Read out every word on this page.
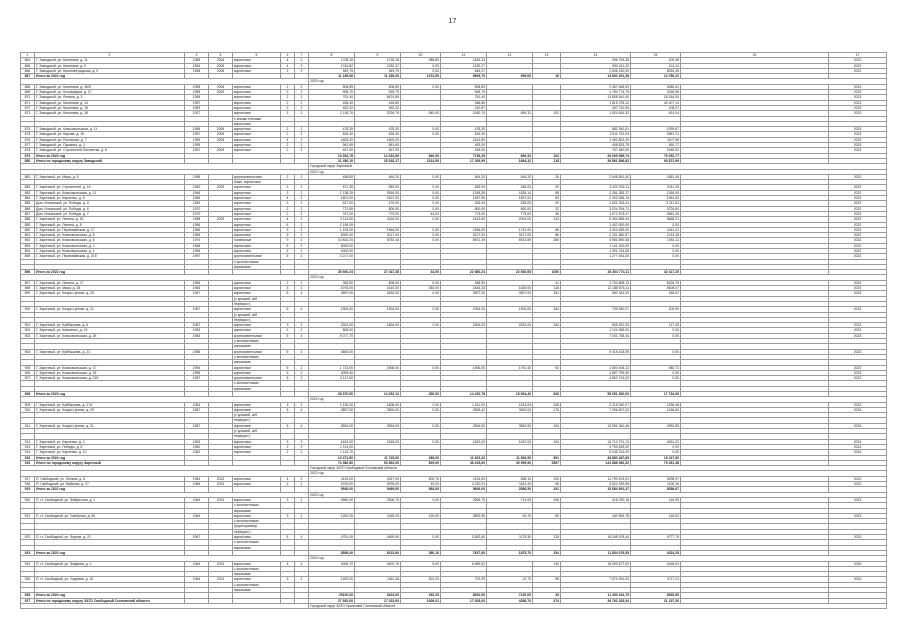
17
1	2	3	4	5	6	7	8	9	10	11	12	13	14	15	16	17
864	Г. Заводской, ул. Калинина, д. 11	1955	2006	кирпичные	4	2	1708,18	1728,18	988,80	1816,33			396 794,38	109,38		2022
865	Г. Заводской, ул. Калинина, д. 9	1954	2005	кирпичные	4	2	1744,82	1532,47	0,00	1532,27			550 411,22	122,24		2022
866	Г. Заводской, ул. Калининградская, д. 9	1958	2008	кирпичные	2	2	549,79	549,79	0,00	645,27			2 836 150,00	8254,35		2022
867	Итого за 2022 год						11 185,98	11 185,29	1374,50	9693,70	995,00	16	13 852 291,36	14 780,22		
							2023 год									
868	Г. Заводской, ул. Калинина, д. 46/5	1955	2006	кирпичные	2	2	508,89	508,89	0,00	508,89			2 467 648,92	4080,61		2023
869	Г. Заводской, ул. Кооперации, д. 17	1955	2009	кирпичные	2	2	508,70	518,79		508,70			1 784 774,76	4318,96		2023
870	Г. Заводской, ул. Ленина, д. 3	1956		кирпичные	2	2	751,40	6674,80		751,40			13 808 941,00	18 184,00		2023
871	Г. Заводской, ул. Калинина, д. 14	1957		кирпичные	2	2	408,40	418,80		348,80			1 815 378,12	40 407,14		2023
872	Г. Заводской, ул. Калинина, д. 18	1953		кирпичные	2	2	452,42	452,42		242,87			407 742,50	108,27		2023
873	Г. Заводской, ул. Калинина, д. 38	1927		кирпичные	3	2	2 118,70	3226,79	840,00	1630,70	699,32	102	1 524 816,32	491,04		2023
				с иными стенами												
				кирпичные												
874	Г. Заводской, ул. Комсомольская, д. 11	1956	2006	кирпичные	2	2	478,30	478,30	0,00	478,30			882 342,81	1099,87		2023
875	Г. Заводской, ул. Кирова, д. 15	1957	2009	кирпичные	2	2	626,40	626,40	0,00	626,40			2 511 722,03	4987,21		2023
876	Г. Заводской, ул. Рыночная, д. 7	1959	2005	кирпичные	4	2	1603,20	1603,20		1612,80			1 490 802,20	1107,96		2023
877	Г. Заводской, ул. Пушкина, д. 2	1955		кирпичные	2	2	961,90	961,90		453,00			408 833,75	450,77		2023
878	Г. Заводской, ул. Строителей Пятилетки, д. 8	1957	2009	кирпичные	2	2	457,90	457,90		439,00			767 840,00	1069,52		2023
879	Итого за 2023 год						10 264,78	14 332,89	840,00	7746,29	669,32	102	26 009 565,74	76 092,77		
880	Итого по городскому округу Заводской						21 450,10	25 518,17	2214,50	17 439,99	1664,32	118	39 861 856,82	90 872,99		
							Городской округ Заречный									
							2022 год									
881	Г. Заречный, ул. Мира, д. 8	1958		крупнопанельные	2	2	458,80	464,20	0,00	464,20	464,20	26	2 646 551,40	4361,40		2022
				иные, кирпичные												
882	Г. Заречный, ул. Строителей, д. 18	1960	2009	кирпичные	2	2	671,35	653,00	0,00	653,00	348,00	20	3 420 932,11	9111,28		2022
883	Г. Заречный, ул. Комсомольская, д. 11	1964		кирпичные	3	2	2 138,20	3916,00	0,00	1918,35	1828,14	98	2 281 353,37	1265,00		2022
884	Г. Заречный, ул. Карпенко, д. 9	1965		кирпичные	4	2	1607,00	1607,00	0,00	1597,90	1597,00	83	2 302 536,13	1051,62		2022
885	Дом. Ильинский, ул. Победы, д. 8	1963		кирпичные	2	2	527,00	476,00	0,00	526,00	526,00	29	1 601 333,24	3 211,54		2022
886	Дом. Ильинский, ул. Победы, д. 6	1970		кирпичные	2	2	770,80	800,00	0,00	800,00	800,00	32	3 024 294,71	3726,84		2022
887	Дом. Ильинский, ул. Победы, д. 7	1970		кирпичные	2	2	767,00	779,00	44,00	773,00	773,00	36	1 972 573,07	4561,26		2022
888	Г. Заречный, ул. Ленина, д. 18	1958	2009	кирпичные	4	2	2 114,60	4116,00	0,00	1613,60	2004,00	123	5 404 885,00	5668,21		2022
889	Г. Заречный, ул. Ленина, д. 8	1986		кирпичные	5	2	2 196,00						1 402 900,00	0,00		2022
890	Г. Заречный, ул. Первомайская, д. 17	1966		кирпичные	3	2	1 193,00	1964,00	0,00	1836,00	1742,00	86	4 324 635,00	4411,41		2022
891	Г. Заречный, ул. Комсомольская, д. 8	1965		кирпичные	5	2	5000,00	3117,00	0,00	3127,00	3127,00	86	2 201 860,57	1014,26		2022
892	Г. Заречный, ул. Комсомольская, д. 6	1974		панельные	9	2	10 810,20	8753,18	0,00	8921,19	8921,89	266	4 983 890,36	1051,11		2022
893	Г. Заречный, ул. Комсомольская, д. 2	1968		кирпичные	5	2	5000,00						1 141 200,00	0,00		2022
894	Г. Заречный, ул. Комсомольская, д. 4	1996		кирпичные	5	2	4000,00						1 301 234,06	0,00		2022
895	Г. Заречный, ул. Первомайская, д. 21б	1997		крупнопанельные	5	2	3 217,00						1 277 444,00	0,00		2022
				с монолитными												
				каркасами												
896	Итого за 2022 год						35 940,24	27 447,38	44,00	22 660,24	22 530,65	1050	45 304 774,11	42 417,20		
							2023 год									
897	Г. Заречный, ул. Ленина, д. 27	1965		кирпичные	2	2	353,90	508,00	0,00	358,90		41	2 704 808,13	8226,79		2023
898	Г. Заречный, ул. Мира, д. 28	1965		кирпичные	3	2	1976,00	1610,00	350,00	1816,33	1630,00	118	12 188 576,11	5608,07		2023
899	Г. Заречный, ул. Клары Цеткин, д. 25	1967		кирпичные	5	4	3597,00	3633,00	0,00	3597,00	3597,00	181	580 344,00	185,67		2023
				(с крышей, ж/б												
				перекрыт.)												
900	Г. Заречный, ул. Клары Цеткин, д. 21	1967		кирпичные	5	4	1904,00	1904,00	0,00	1904,00	1904,00	154	709 540,07	109,50		2023
				(с крышей, ж/б												
				перекрыт.)												
901	Г. Заречный, ул. Куйбышева, д. 6	1967		кирпичные	3	2	2024,00	1804,00	0,00	1804,00	2024,00	154	605 451,00	117,45		2023
902	Г. Заречный, ул. Шевченко, д. 15	1963		кирпичные	2	2	808,00						1 124 289,00	0,00		2023
903	Г. Заречный, ул. Комсомольская, д. 25	1984		крупнопанельные	5	4	5 077,70						7 041 758,44	0,00		2023
				с монолитными												
				каркасами												
904	Г. Заречный, ул. Куйбышева, д. 21	1985		крупнопанельные	5	4	4663,00						9 415 418,09	0,00		2023
				с монолитными												
				каркасами												
905	Г. Заречный, ул. Комсомольская, д. 17	1994		кирпичные	5	2	1 713,00	1906,00	0,00	1906,00	1791,40	92	1 800 406,12	980,73		2023
906	Г. Заречный, ул. Комсомольская, д. 25	1996		кирпичные	5	2	4099,40						4 897 799,00	0,00		2023
907	Г. Заречный, ул. Комсомольская, д. 21б	1997		крупнопанельные	5	2	3 117,60						4 802 743,00	0,00		2023
				с монолитными												
				каркасами												
908	Итого за 2023 год						28 970,50	14 932,12	350,00	14 420,78	15 904,40	926	55 051 530,00	17 734,90		
							2024 год									
909	Г. Заречный, ул. Куйбышева, д. 27А	1964		кирпичные	3	2	2 130,20	1608,00	0,00	1 611,00	1613,00	108	2 215 940,07	1296,48		2024
910	Г. Заречный, ул. Клары Цеткин, д. 29	1967		кирпичные	5	4	3897,00	3900,00	0,00	3905,42	3900,00	176	7 096 807,00	1436,60		2024
				(с крышей, ж/б												
				перекрыт.)												
911	Г. Заречный, ул. Клары Цеткин, д. 31	1967		кирпичные	5	4	3594,00	3594,00	0,00	3594,90	3594,90	154	13 991 340,46	4992,89		2024
				(с крышей, ж/б												
				перекрыт.)												
912	Г. Заречный, ул. Карпенко, д. 2	1963		кирпичные	3	2	1622,00	1818,00	0,00	1822,00	1622,00	154	13 710 791,74	4491,22		2024
913	Г. Заречный, ул. Победы, д. 5	1960		кирпичные	2	2	1 114,00						4 753 639,00	0,00		2024
914	Г. Заречный, ул. Карпенко, д. 10	1962		кирпичные	2	2	1 114,70						5 245 314,00	0,00		2024
915	Итого за 2024 год						13 471,90	11 745,00	485,00	11 623,32	11 563,90	591	46 883 467,65	15 247,90		
916	Итого по городскому округу Заречный						74 380,80	53 852,00	829,00	48 415,60	49 999,90	2567	144 886 080,32	75 451,38		
							Городской округ ЗАТО Свободный Сосновский области									
							2022 год									
917	П. Свободный, ул. Ленина, д. 8	1984	2013	кирпичные	4	2	4115,00	4327,00	500,70	1134,00	838,10	105	11 790 676,02	9298,97		2022
918	П. Свободный, ул. Майская, д. 27	1965	2013	кирпичные	2	2	4700,00	4978,00	40,00	4 220,01	1161,40	55	3 624 339,55	1100,16		2022
919	Итого за 2022 год						9546,00	9469,00	984,00	5606,00	2086,50	102	15 884 991,47	8356,67		
							2023 год									
920	П. гт. Свободный, ул. Фабричная, д. 1	1964	2013	кирпичные	2	2	2680,40	2406,70	0,00	2906,70	714,00	108	416 230,16	116,05		2023
				с монолитными												
				каркасами												
921	П. гт. Свободный, ул. Сапёрная, д. 60	1964		кирпичные	3	2	1262,00	1165,20	120,00	3832,90	53,70	80	160 954,78	116,02		2023
				с монолитными												
				(крупноразмер.												
				перекрыт.)												
922	П. гт. Свободный, ул. Фрунзе, д. 21	1967		кирпичные	5	4	4751,40	4469,90	0,00	3 592,60	1175,30	115	18 045 978,44	4777,79		2023
				с монолитными												
				каркасами												
923	Итого за 2023 год						8598,40	8133,60	380,10	7637,80	1875,70	154	11 854 976,55	4324,25		
							2024 год									
924	П. гт. Свободный, ул. Фадеева, д. 1	1964	2013	кирпичные	4	4	4005,70	4402,76	9,00	6 659,52		140	18 990 677,00	4166,91		2024
				с монолитными												
				каркасами												
925	П. гт. Свободный, ул. Садовая, д. 16	1964	2013	кирпичные	3	2	1252,00	1161,28	301,20	702,09	12,70	98	7 574 991,00	4717,21		2024
				с монолитными												
				каркасами												
926	Итого за 2024 год						29100,00	9424,00	492,20	8000,00	7120,00	26	11 453 044,79	8530,85		
927	Итого по городскому округу ЗАТО Свободный Сосновский области						27 920,00	17 023,00	1006,01	17 928,00	4286,70	374	39 762 428,94	21 197,30		
							Городской округ ЗАТО Уральский Сосновский области									
